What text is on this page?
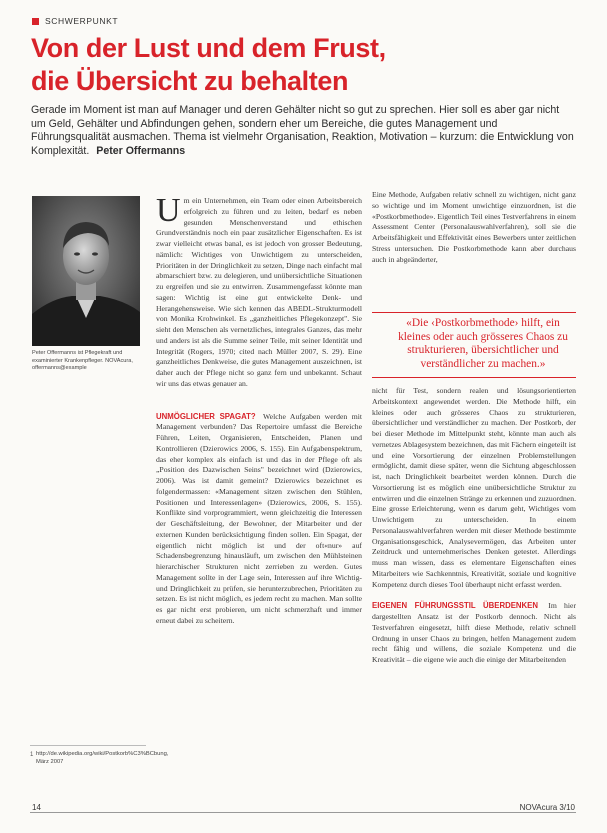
SCHWERPUNKT
Von der Lust und dem Frust,
die Übersicht zu behalten

Gerade im Moment ist man auf Manager und deren Gehälter nicht so gut zu sprechen. Hier soll es aber gar nicht um Geld, Gehälter und Abfindungen gehen, sondern eher um Bereiche, die gutes Management und Führungsqualität ausmachen. Thema ist vielmehr Organisation, Reaktion, Motivation – kurzum: die Entwicklung von Komplexität. Peter Offermanns

Peter Offermanns ist Pflegekraft und examinierter Krankenpfleger. NOVAcura, offermanns@example

U m ein Unternehmen, ein Team oder einen Arbeitsbereich erfolgreich zu führen und zu leiten, bedarf es neben gesunden Menschenverstand und ethischen Grundverständnis noch ein paar zusätzlicher Eigenschaften. Es ist zwar vielleicht etwas banal, es ist jedoch von grosser Bedeutung, nämlich: Wichtiges von Unwichtigem zu unterscheiden, Prioritäten in der Dringlichkeit zu setzen, Dinge nach einfacht mal abmarschiert bzw. zu delegieren, und unübersichtliche Situationen zu ergreifen und sie zu entwirren. Zusammengefasst könnte man sagen: Wichtig ist eine gut entwickelte Denk- und Herangehensweise. Wie sich kennen das ABEDL-Strukturmodell von Monika Krohwinkel. Es „ganzheitliches Pflegekonzept". Sie sieht den Menschen als vernetzliches, integrales Ganzes, das mehr und anders ist als die Summe seiner Teile, mit seiner Identität und Integrität (Rogers, 1970; cited nach Müller 2007, S. 29). Eine ganzheitliches Denkweise, die gutes Management auszeichnen, ist daher auch der Pflege nicht so ganz fern und unbekannt. Schaut wir uns das etwas genauer an.

UNMÖGLICHER SPAGAT? Welche Aufgaben werden mit Management verbunden? Das Repertoire umfasst die Bereiche Führen, Leiten, Organisieren, Entscheiden, Planen und Kontrollieren (Dzierowics 2006, S. 155). Ein Aufgabenspektrum, das eher komplex als einfach ist und das in der Pflege oft als „Position des Dazwischen Seins" bezeichnet wird (Dzierowics, 2006). Was ist damit gemeint? Dzierowics bezeichnet es folgendermassen: «Management sitzen zwischen den Stühlen, Positionen und Interessenlagen» (Dzierowics, 2006, S. 155). Konflikte sind vorprogrammiert, wenn gleichzeitig die Interessen der Geschäftsleitung, der Bewohner, der Mitarbeiter und der externen Kunden berücksichtigung finden sollen. Ein Spagat, der eigentlich nicht möglich ist und der oft«nur» auf Schadensbegrenzung hinausläuft, um zwischen den Mühlsteinen hierarchischer Strukturen nicht zerrieben zu werden. Gutes Management sollte in der Lage sein, Interessen auf ihre Wichtig- und Dringlichkeit zu prüfen, sie herunterzubrechen, Prioritäten zu setzen. Es ist nicht möglich, es jedem recht zu machen. Man sollte es gar nicht erst probieren, um nicht schmerzhaft und immer erneut dabei zu scheitern.

Eine Methode, Aufgaben relativ schnell zu wichtigen, nicht ganz so wichtige und im Moment unwichtige einzuordnen, ist die «Postkorbmethode». Eigentlich Teil eines Testverfahrens in einem Assessment Center (Personalauswahlverfahren), soll sie die Arbeitsfähigkeit und Effektivität eines Bewerbers unter zeitlichen Stress untersuchen. Die Postkorbmethode kann aber durchaus auch in abgeänderter,

«Die ‹Postkorbmethode› hilft, ein kleines oder auch grösseres Chaos zu strukturieren, übersichtlicher und verständlicher zu machen.»

nicht für Test, sondern realen und lösungsorientierten Arbeitskontext angewendet werden. Die Methode hilft, ein kleines oder auch grösseres Chaos zu strukturieren, übersichtlicher und verständlicher zu machen. Der Postkorb, der bei dieser Methode im Mittelpunkt steht, könnte man auch als vernetzes Ablagesystem bezeichnen, das mit Fächern eingeteilt ist und eine Vorsortierung der einzelnen Problemstellungen ermöglicht, damit diese später, wenn die Sichtung abgeschlossen ist, nach Dringlichkeit bearbeitet werden können. Durch die Vorsortierung ist es möglich eine unübersichtliche Struktur zu entwirren und die einzelnen Stränge zu erkennen und zuzuordnen. Eine grosse Erleichterung, wenn es darum geht, Wichtiges vom Unwichtigem zu unterscheiden. In einem Personalauswahlverfahren werden mit dieser Methode bestimmte Organisationsgeschick, Analysevermögen, das Arbeiten unter Zeitdruck und unternehmerisches Denken getestet. Allerdings muss man wissen, dass es elementare Eigenschaften eines Mitarbeiters wie Sachkenntnis, Kreativität, soziale und kognitive Kompetenz durch dieses Tool überhaupt nicht erfasst werden.

EIGENEN FÜHRUNGSSTIL ÜBERDENKEN Im hier dargestellten Ansatz ist der Postkorb dennoch. Nicht als Testverfahren eingesetzt, hilft diese Methode, relativ schnell Ordnung in unser Chaos zu bringen, helfen Management zudem recht fähig und willens, die soziale Kompetenz und die Kreativität – die eigene wie auch die einige der Mitarbeitenden

1 http://de.wikipedia.org/wiki/Postkorb%C3%BCbung, März 2007

14	NOVAcura 3/10
